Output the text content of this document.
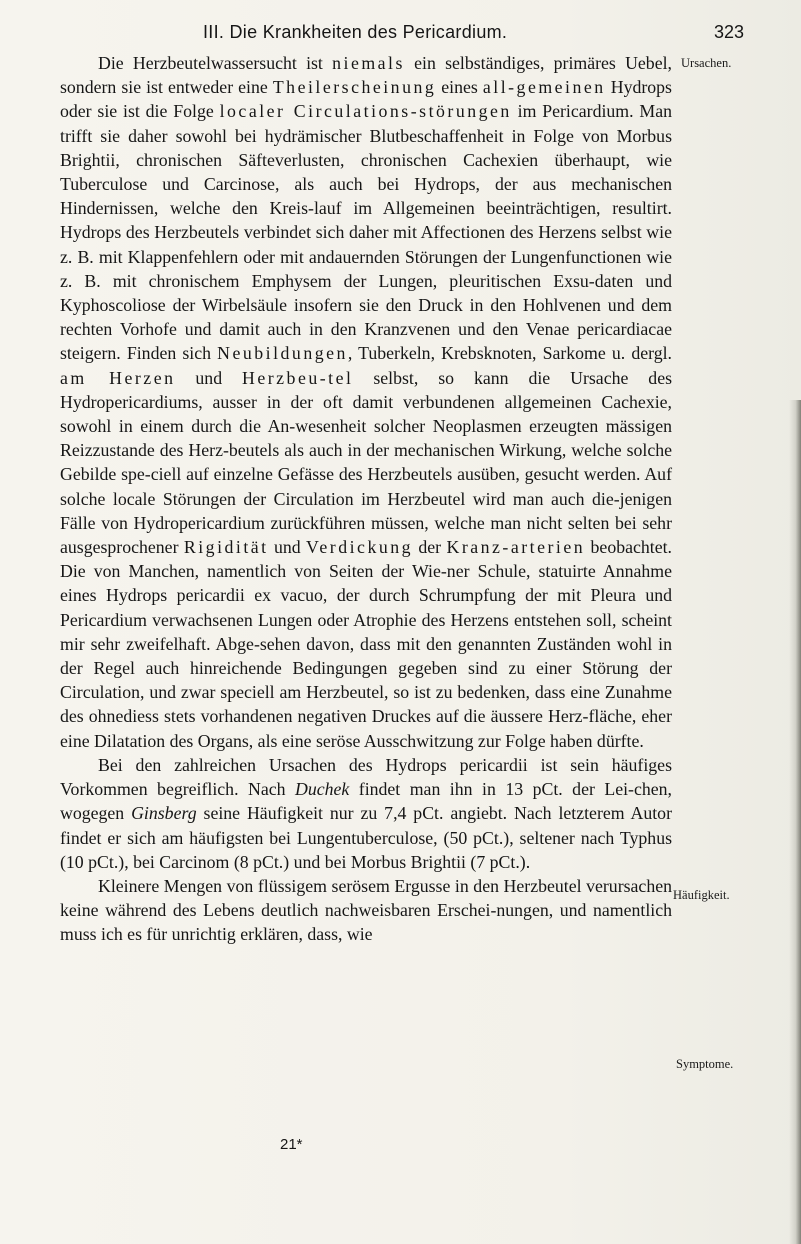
III. Die Krankheiten des Pericardium.	323

Die Herzbeutelwassersucht ist niemals ein selbständiges, primäres Uebel, sondern sie ist entweder eine Theilerscheinung eines all-gemeinen Hydrops oder sie ist die Folge localer Circulations-störungen im Pericardium. Man trifft sie daher sowohl bei hydrämischer Blutbeschaffenheit in Folge von Morbus Brightii, chronischen Säfteverlusten, chronischen Cachexien überhaupt, wie Tuberculose und Carcinose, als auch bei Hydrops, der aus mechanischen Hindernissen, welche den Kreis-lauf im Allgemeinen beeinträchtigen, resultirt. Hydrops des Herzbeutels verbindet sich daher mit Affectionen des Herzens selbst wie z. B. mit Klappenfehlern oder mit andauernden Störungen der Lungenfunctionen wie z. B. mit chronischem Emphysem der Lungen, pleuritischen Exsu-daten und Kyphoscoliose der Wirbelsäule insofern sie den Druck in den Hohlvenen und dem rechten Vorhofe und damit auch in den Kranzvenen und den Venae pericardiacae steigern. Finden sich Neubildungen, Tuberkeln, Krebsknoten, Sarkome u. dergl. am Herzen und Herzbeu-tel selbst, so kann die Ursache des Hydropericardiums, ausser in der oft damit verbundenen allgemeinen Cachexie, sowohl in einem durch die An-wesenheit solcher Neoplasmen erzeugten mässigen Reizzustande des Herz-beutels als auch in der mechanischen Wirkung, welche solche Gebilde spe-ciell auf einzelne Gefässe des Herzbeutels ausüben, gesucht werden. Auf solche locale Störungen der Circulation im Herzbeutel wird man auch die-jenigen Fälle von Hydropericardium zurückführen müssen, welche man nicht selten bei sehr ausgesprochener Rigidität und Verdickung der Kranz-arterien beobachtet. Die von Manchen, namentlich von Seiten der Wie-ner Schule, statuirte Annahme eines Hydrops pericardii ex vacuo, der durch Schrumpfung der mit Pleura und Pericardium verwachsenen Lungen oder Atrophie des Herzens entstehen soll, scheint mir sehr zweifelhaft. Abge-sehen davon, dass mit den genannten Zuständen wohl in der Regel auch hinreichende Bedingungen gegeben sind zu einer Störung der Circulation, und zwar speciell am Herzbeutel, so ist zu bedenken, dass eine Zunahme des ohnediess stets vorhandenen negativen Druckes auf die äussere Herz-fläche, eher eine Dilatation des Organs, als eine seröse Ausschwitzung zur Folge haben dürfte.

Bei den zahlreichen Ursachen des Hydrops pericardii ist sein häufiges Vorkommen begreiflich. Nach Duchek findet man ihn in 13 pCt. der Lei-chen, wogegen Ginsberg seine Häufigkeit nur zu 7,4 pCt. angiebt. Nach letzterem Autor findet er sich am häufigsten bei Lungentuberculose, (50 pCt.), seltener nach Typhus (10 pCt.), bei Carcinom (8 pCt.) und bei Morbus Brightii (7 pCt.).

Kleinere Mengen von flüssigem serösem Ergusse in den Herzbeutel verursachen keine während des Lebens deutlich nachweisbaren Erschei-nungen, und namentlich muss ich es für unrichtig erklären, dass, wie

Ursachen.
Häufigkeit.
Symptome.
21*
